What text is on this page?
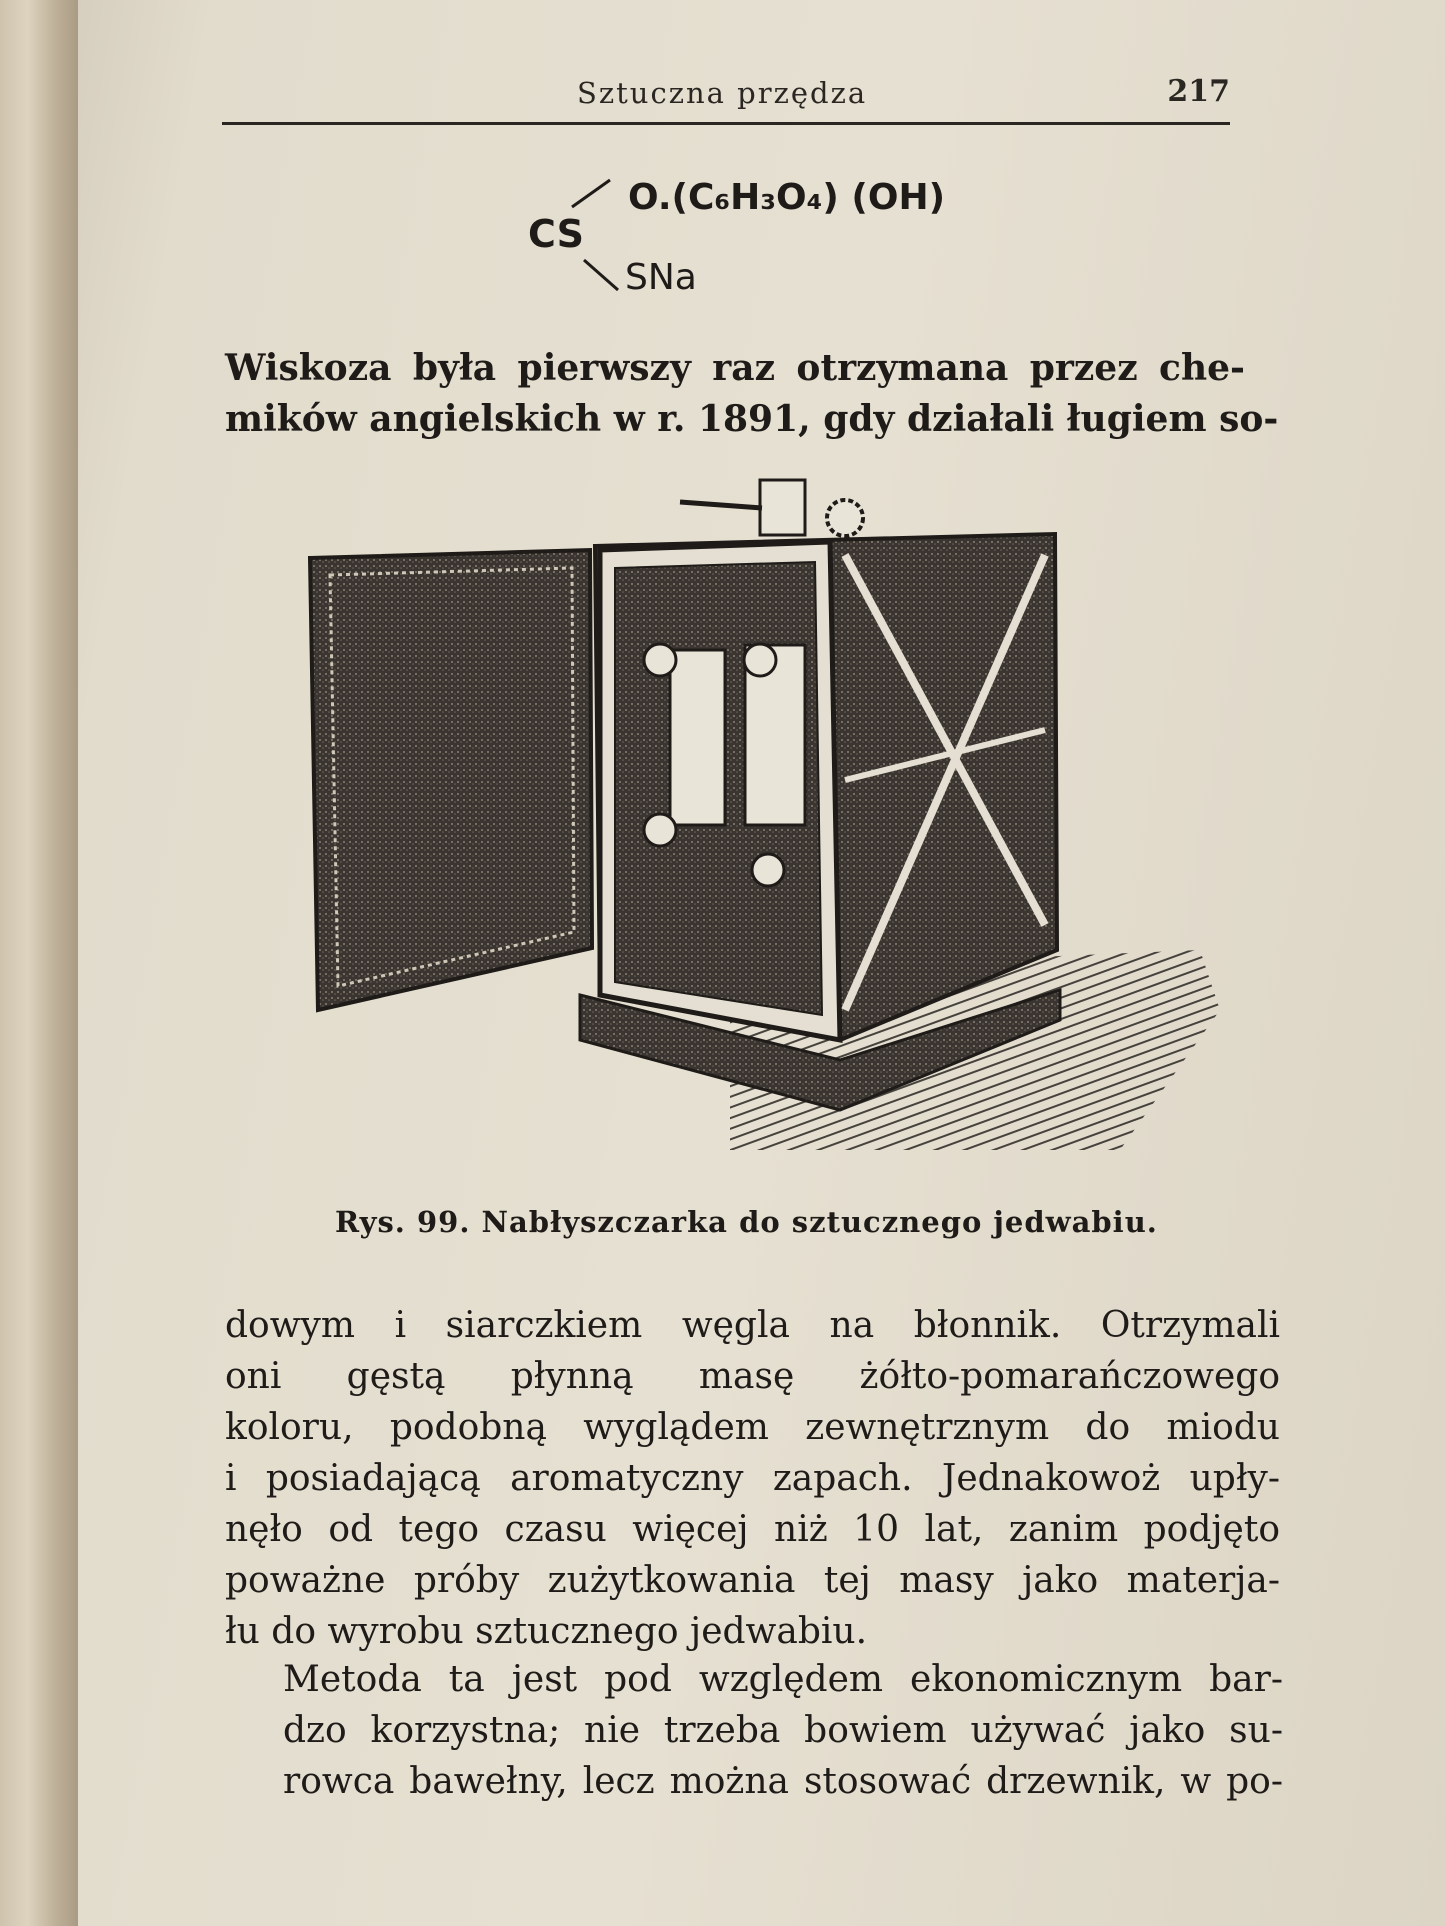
Sztuczna przędza	217
CS
O.(C₆H₃O₄) (OH)
SNa

Wiskoza była pierwszy raz otrzymana przez che-
mików angielskich w r. 1891, gdy działali ługiem so-

Rys. 99. Nabłyszczarka do sztucznego jedwabiu.

dowym i siarczkiem węgla na błonnik. Otrzymali
oni gęstą płynną masę żółto-pomarańczowego
koloru, podobną wyglądem zewnętrznym do miodu
i posiadającą aromatyczny zapach. Jednakowoż upły-
nęło od tego czasu więcej niż 10 lat, zanim podjęto
poważne próby zużytkowania tej masy jako materja-
łu do wyrobu sztucznego jedwabiu.

Metoda ta jest pod względem ekonomicznym bar-
dzo korzystna; nie trzeba bowiem używać jako su-
rowca bawełny, lecz można stosować drzewnik, w po-
